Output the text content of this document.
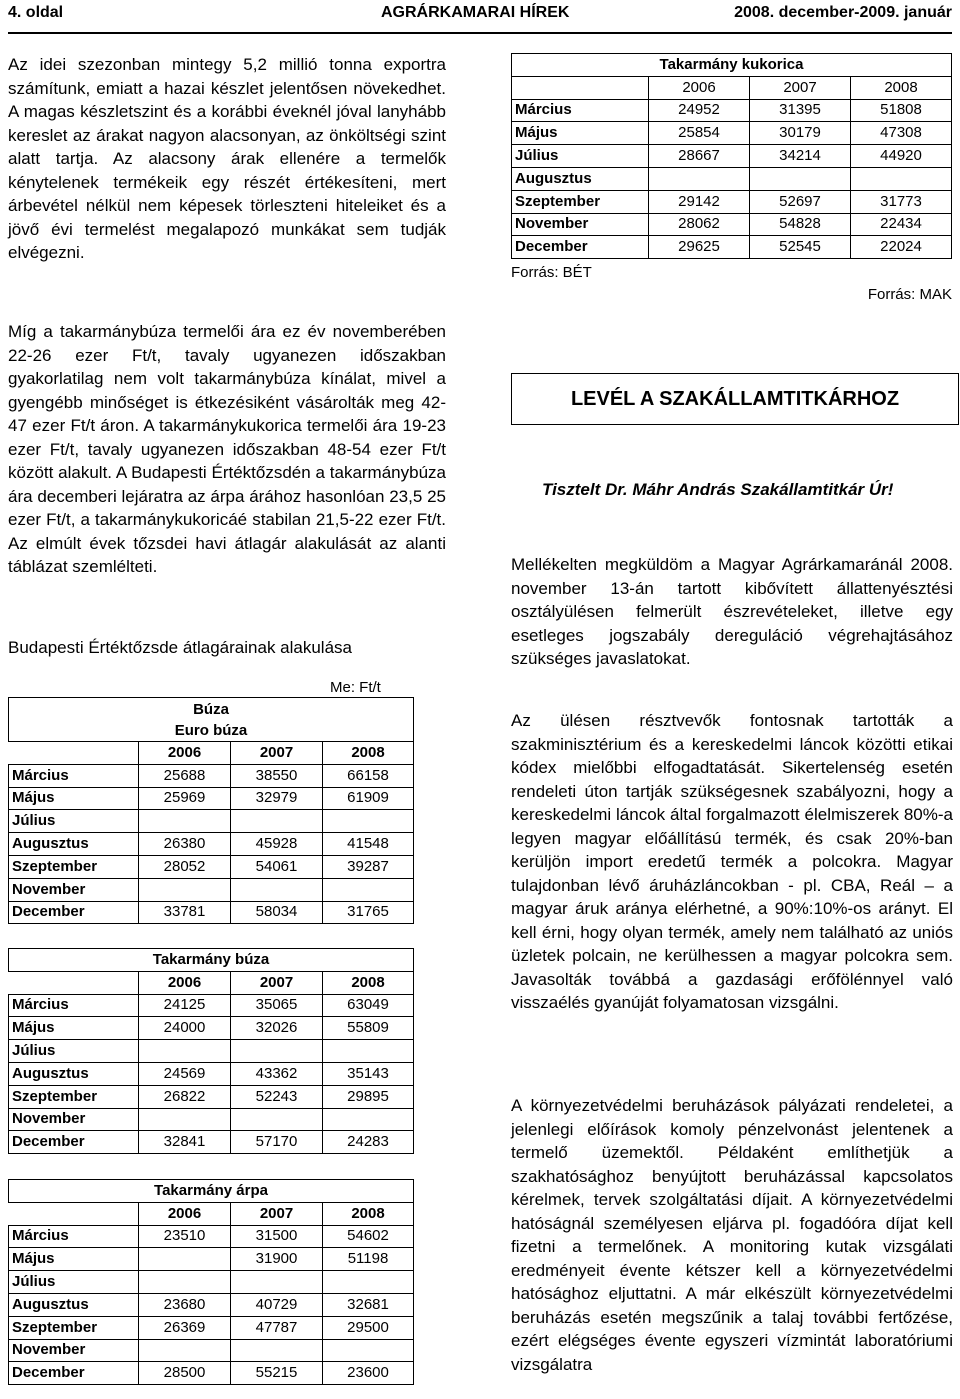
4. oldal	AGRÁRKAMARAI HÍREK	2008. december-2009. január

Az idei szezonban mintegy 5,2 millió tonna exportra számítunk, emiatt a hazai készlet jelentősen növekedhet. A magas készletszint és a korábbi éveknél jóval lanyhább kereslet az árakat nagyon alacsonyan, az önköltségi szint alatt tartja. Az alacsony árak ellenére a termelők kénytelenek termékeik egy részét értékesíteni, mert árbevétel nélkül nem képesek törleszteni hiteleiket és a jövő évi termelést megalapozó munkákat sem tudják elvégezni.

Míg a takarmánybúza termelői ára ez év novemberében 22-26 ezer Ft/t, tavaly ugyanezen időszakban gyakorlatilag nem volt takarmánybúza kínálat, mivel a gyengébb minőséget is étkezésiként vásárolták meg 42-47 ezer Ft/t áron. A takarmánykukorica termelői ára 19-23 ezer Ft/t, tavaly ugyanezen időszakban 48-54 ezer Ft/t között alakult. A Budapesti Értéktőzsdén a takarmánybúza ára decemberi lejáratra az árpa árához hasonlóan 23,5 25 ezer Ft/t, a takarmánykukoricáé stabilan 21,5-22 ezer Ft/t. Az elmúlt évek tőzsdei havi átlagár alakulását az alanti táblázat szemlélteti.

Budapesti Értéktőzsde átlagárainak alakulása
Me: Ft/t
Búza
Euro búza			

	2006	2007	2008
Március	25688	38550	66158
Május	25969	32979	61909
Július			
Augusztus	26380	45928	41548
Szeptember	28052	54061	39287
November			
December	33781	58034	31765
Takarmány búza			
	2006	2007	2008
Március	24125	35065	63049
Május	24000	32026	55809
Július			
Augusztus	24569	43362	35143
Szeptember	26822	52243	29895
November			
December	32841	57170	24283
Takarmány árpa			
	2006	2007	2008
Március	23510	31500	54602
Május		31900	51198
Július			
Augusztus	23680	40729	32681
Szeptember	26369	47787	29500
November			
December	28500	55215	23600
Takarmány kukorica			
	2006	2007	2008
Március	24952	31395	51808
Május	25854	30179	47308
Július	28667	34214	44920
Augusztus			
Szeptember	29142	52697	31773
November	28062	54828	22434
December	29625	52545	22024
Forrás: BÉT
Forrás: MAK
LEVÉL A SZAKÁLLAMTITKÁRHOZ
Tisztelt Dr. Máhr András Szakállamtitkár Úr!

Mellékelten megküldöm a Magyar Agrárkamaránál 2008. november 13-án tartott kibővített állattenyésztési osztályülésen felmerült észrevételeket, illetve egy esetleges jogszabály dereguláció végrehajtásához szükséges javaslatokat.

Az ülésen résztvevők fontosnak tartották a szakminisztérium és a kereskedelmi láncok közötti etikai kódex mielőbbi elfogadtatását. Sikertelenség esetén rendeleti úton tartják szükségesnek szabályozni, hogy a kereskedelmi láncok által forgalmazott élelmiszerek 80%-a legyen magyar előállítású termék, és csak 20%-ban kerüljön import eredetű termék a polcokra. Magyar tulajdonban lévő áruházláncokban - pl. CBA, Reál – a magyar áruk aránya elérhetné, a 90%:10%-os arányt. El kell érni, hogy olyan termék, amely nem található az uniós üzletek polcain, ne kerülhessen a magyar polcokra sem. Javasolták továbbá a gazdasági erőfölénnyel való visszaélés gyanúját folyamatosan vizsgálni.

A környezetvédelmi beruházások pályázati rendeletei, a jelenlegi előírások komoly pénzelvonást jelentenek a termelő üzemektől. Példaként említhetjük a szakhatósághoz benyújtott beruházással kapcsolatos kérelmek, tervek szolgáltatási díjait. A környezetvédelmi hatóságnál személyesen eljárva pl. fogadóóra díjat kell fizetni a termelőnek. A monitoring kutak vizsgálati eredményeit évente kétszer kell a környezetvédelmi hatósághoz eljuttatni. A már elkészült környezetvédelmi beruházás esetén megszűnik a talaj további fertőzése, ezért elégséges évente egyszeri vízmintát laboratóriumi vizsgálatra
